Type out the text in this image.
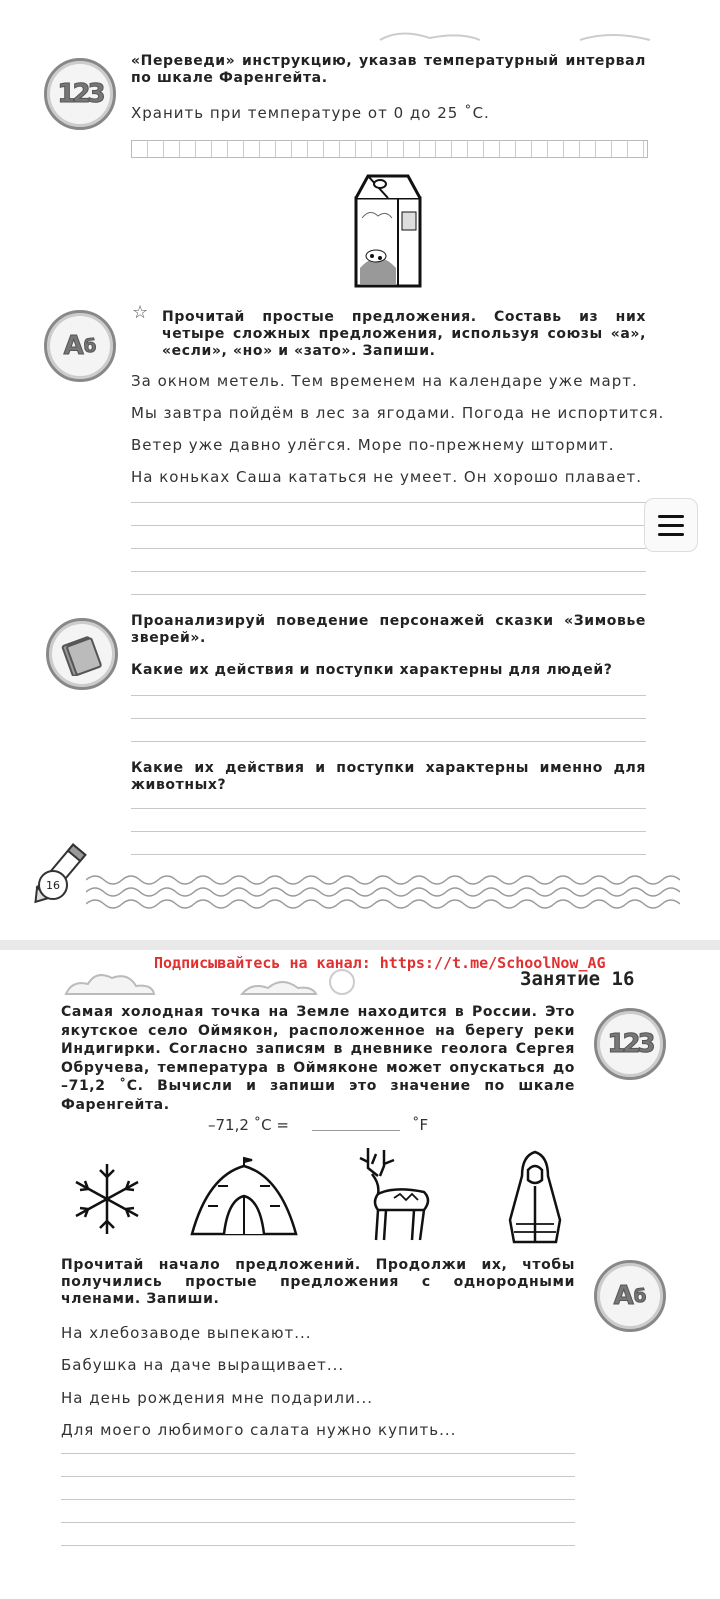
123
«Переведи» инструкцию, указав температурный интервал по шкале Фаренгейта.
Хранить при температуре от 0 до 25 ˚С.
А б
☆ Прочитай простые предложения. Составь из них четыре сложных предложения, используя союзы «а», «если», «но» и «зато». Запиши.
За окном метель. Тем временем на календаре уже март.
Мы завтра пойдём в лес за ягодами. Погода не испортится.
Ветер уже давно улёгся. Море по-прежнему штормит.
На коньках Саша кататься не умеет. Он хорошо плавает.
Проанализируй поведение персонажей сказки «Зимовье зверей».
Какие их действия и поступки характерны для людей?
Какие их действия и поступки характерны именно для животных?
16
Подписывайтесь на канал: https://t.me/SchoolNow_AG
Занятие 16
Самая холодная точка на Земле находится в России. Это якутское село Оймякон, расположенное на берегу реки Индигирки. Согласно записям в дневнике геолога Сергея Обручева, температура в Оймяконе может опускаться до –71,2 ˚С. Вычисли и запиши это значение по шкале Фаренгейта.
123
–71,2 ˚С =	˚F
Прочитай начало предложений. Продолжи их, чтобы получились простые предложения с однородными членами. Запиши.	А б
На хлебозаводе выпекают...
Бабушка на даче выращивает...
На день рождения мне подарили...
Для моего любимого салата нужно купить...
